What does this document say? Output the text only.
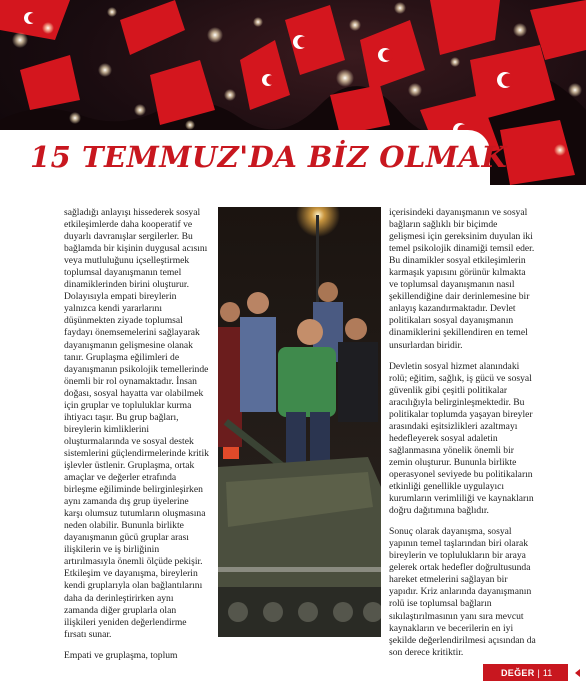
15 TEMMUZ'DA BİZ OLMAK

sağladığı anlayışı hissederek sosyal etkileşimlerde daha kooperatif ve duyarlı davranışlar sergilerler. Bu bağlamda bir kişinin duygusal acısını veya mutluluğunu içselleştirmek toplumsal dayanışmanın temel dinamiklerinden birini oluşturur. Dolayısıyla empati bireylerin yalnızca kendi yararlarını düşünmekten ziyade toplumsal faydayı önemsemelerini sağlayarak dayanışmanın gelişmesine olanak tanır. Gruplaşma eğilimleri de dayanışmanın psikolojik temellerinde önemli bir rol oynamaktadır. İnsan doğası, sosyal hayatta var olabilmek için gruplar ve topluluklar kurma ihtiyacı taşır. Bu grup bağları, bireylerin kimliklerini oluşturmalarında ve sosyal destek sistemlerini güçlendirmelerinde kritik işlevler üstlenir. Gruplaşma, ortak amaçlar ve değerler etrafında birleşme eğiliminde belirginleşirken aynı zamanda dış grup üyelerine karşı olumsuz tutumların oluşmasına neden olabilir. Bununla birlikte dayanışmanın gücü gruplar arası ilişkilerin ve iş birliğinin artırılmasıyla önemli ölçüde pekişir. Etkileşim ve dayanışma, bireylerin kendi gruplarıyla olan bağlantılarını daha da derinleştirirken aynı zamanda diğer gruplarla olan ilişkileri yeniden değerlendirme fırsatı sunar.

Empati ve gruplaşma, toplum

içerisindeki dayanışmanın ve sosyal bağların sağlıklı bir biçimde gelişmesi için gereksinim duyulan iki temel psikolojik dinamiği temsil eder. Bu dinamikler sosyal etkileşimlerin karmaşık yapısını görünür kılmakta ve toplumsal dayanışmanın nasıl şekillendiğine dair derinlemesine bir anlayış kazandırmaktadır. Devlet politikaları sosyal dayanışmanın dinamiklerini şekillendiren en temel unsurlardan biridir.

Devletin sosyal hizmet alanındaki rolü; eğitim, sağlık, iş gücü ve sosyal güvenlik gibi çeşitli politikalar aracılığıyla belirginleşmektedir. Bu politikalar toplumda yaşayan bireyler arasındaki eşitsizlikleri azaltmayı hedefleyerek sosyal adaletin sağlanmasına yönelik önemli bir zemin oluşturur. Bununla birlikte operasyonel seviyede bu politikaların etkinliği genellikle uygulayıcı kurumların verimliliği ve kaynakların doğru dağıtımına bağlıdır.

Sonuç olarak dayanışma, sosyal yapının temel taşlarından biri olarak bireylerin ve toplulukların bir araya gelerek ortak hedefler doğrultusunda hareket etmelerini sağlayan bir yapıdır. Kriz anlarında dayanışmanın rolü ise toplumsal bağların sıkılaştırılmasının yanı sıra mevcut kaynakların ve becerilerin en iyi şekilde değerlendirilmesi açısından da son derece kritiktir.

DEĞER | 11
